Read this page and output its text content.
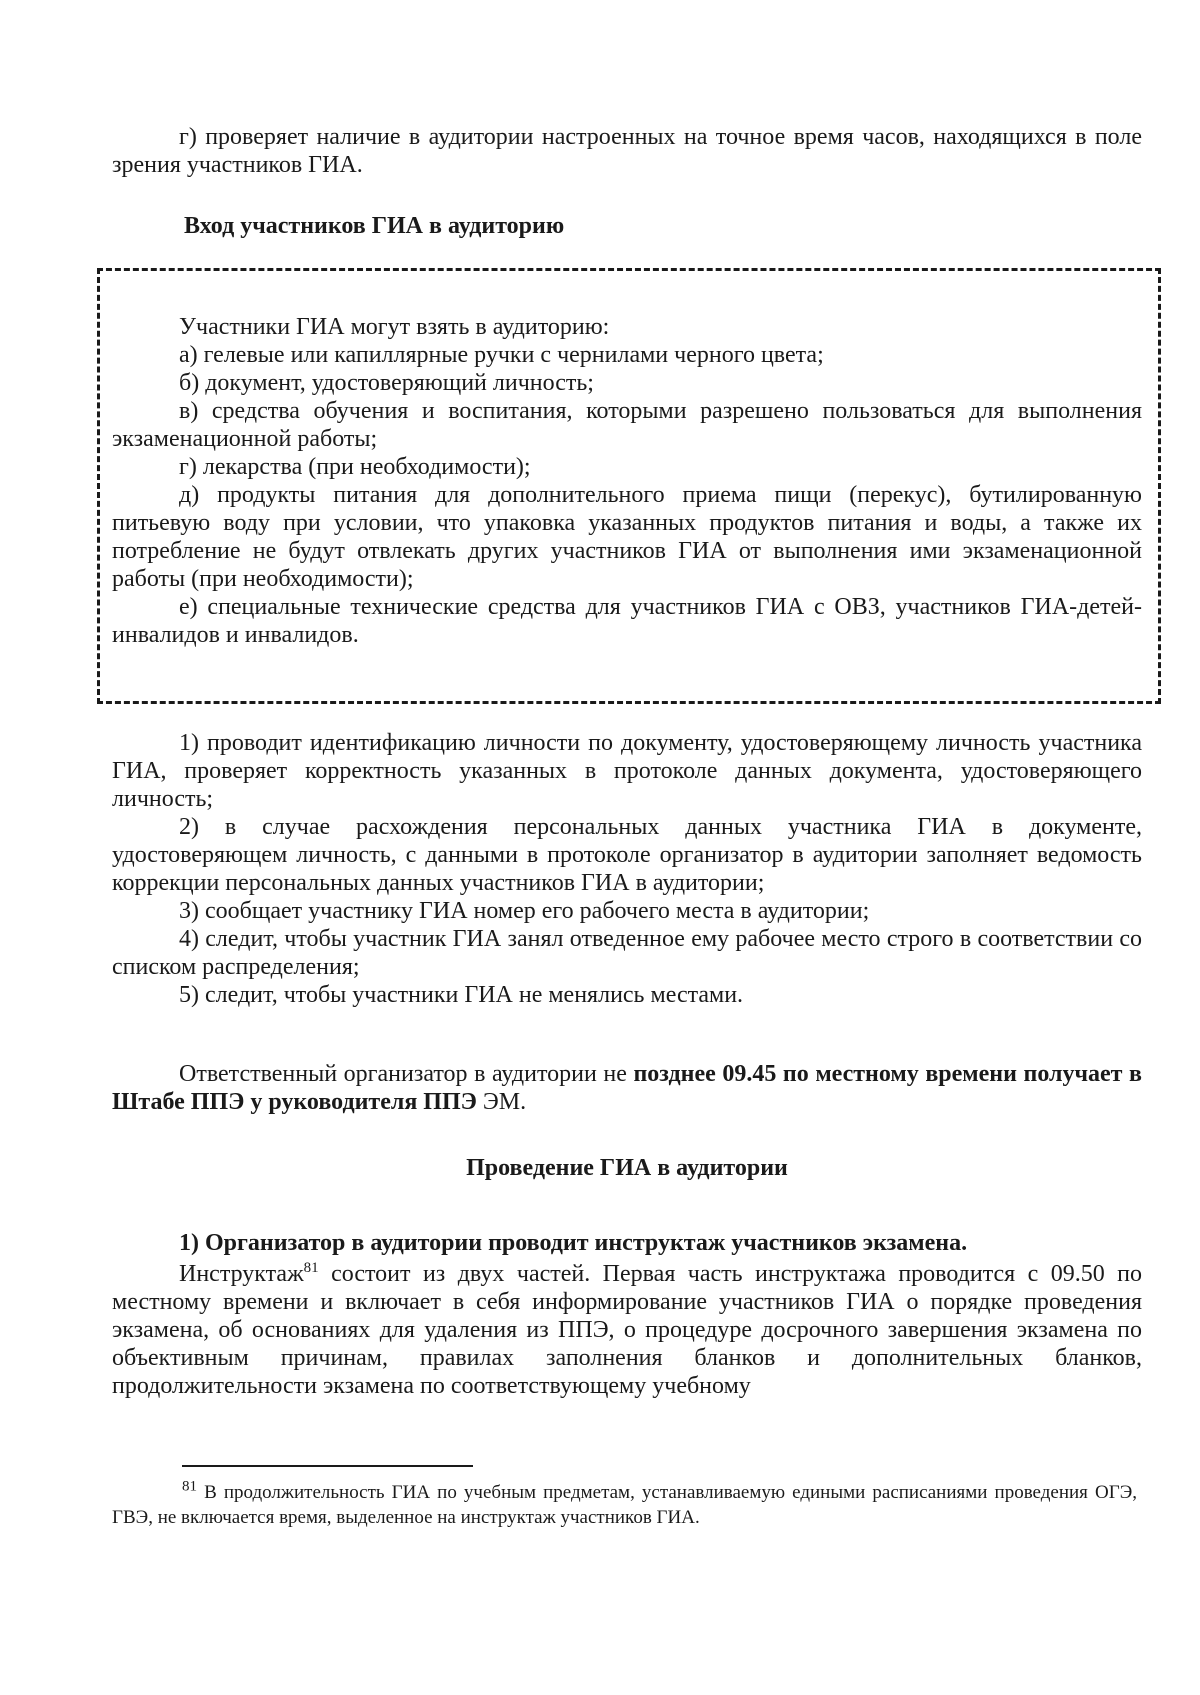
г) проверяет наличие в аудитории настроенных на точное время часов, находящихся в поле зрения участников ГИА.

Вход участников ГИА в аудиторию

Участники ГИА могут взять в аудиторию:

а) гелевые или капиллярные ручки с чернилами черного цвета;

б) документ, удостоверяющий личность;

в) средства обучения и воспитания, которыми разрешено пользоваться для выполнения экзаменационной работы;

г) лекарства (при необходимости);

д) продукты питания для дополнительного приема пищи (перекус), бутилированную питьевую воду при условии, что упаковка указанных продуктов питания и воды, а также их потребление не будут отвлекать других участников ГИА от выполнения ими экзаменационной работы (при необходимости);

е) специальные технические средства для участников ГИА с ОВЗ, участников ГИА-детей-инвалидов и инвалидов.

1) проводит идентификацию личности по документу, удостоверяющему личность участника ГИА, проверяет корректность указанных в протоколе данных документа, удостоверяющего личность;

2) в случае расхождения персональных данных участника ГИА в документе, удостоверяющем личность, с данными в протоколе организатор в аудитории заполняет ведомость коррекции персональных данных участников ГИА в аудитории;

3) сообщает участнику ГИА номер его рабочего места в аудитории;

4) следит, чтобы участник ГИА занял отведенное ему рабочее место строго в соответствии со списком распределения;

5) следит, чтобы участники ГИА не менялись местами.

Ответственный организатор в аудитории не позднее 09.45 по местному времени получает в Штабе ППЭ у руководителя ППЭ ЭМ.

Проведение ГИА в аудитории

1) Организатор в аудитории проводит инструктаж участников экзамена.

Инструктаж$^{81}$ состоит из двух частей. Первая часть инструктажа проводится с 09.50 по местному времени и включает в себя информирование участников ГИА о порядке проведения экзамена, об основаниях для удаления из ППЭ, о процедуре досрочного завершения экзамена по объективным причинам, правилах заполнения бланков и дополнительных бланков, продолжительности экзамена по соответствующему учебному

$^{81}$ В продолжительность ГИА по учебным предметам, устанавливаемую едиными расписаниями проведения ОГЭ, ГВЭ, не включается время, выделенное на инструктаж участников ГИА.
